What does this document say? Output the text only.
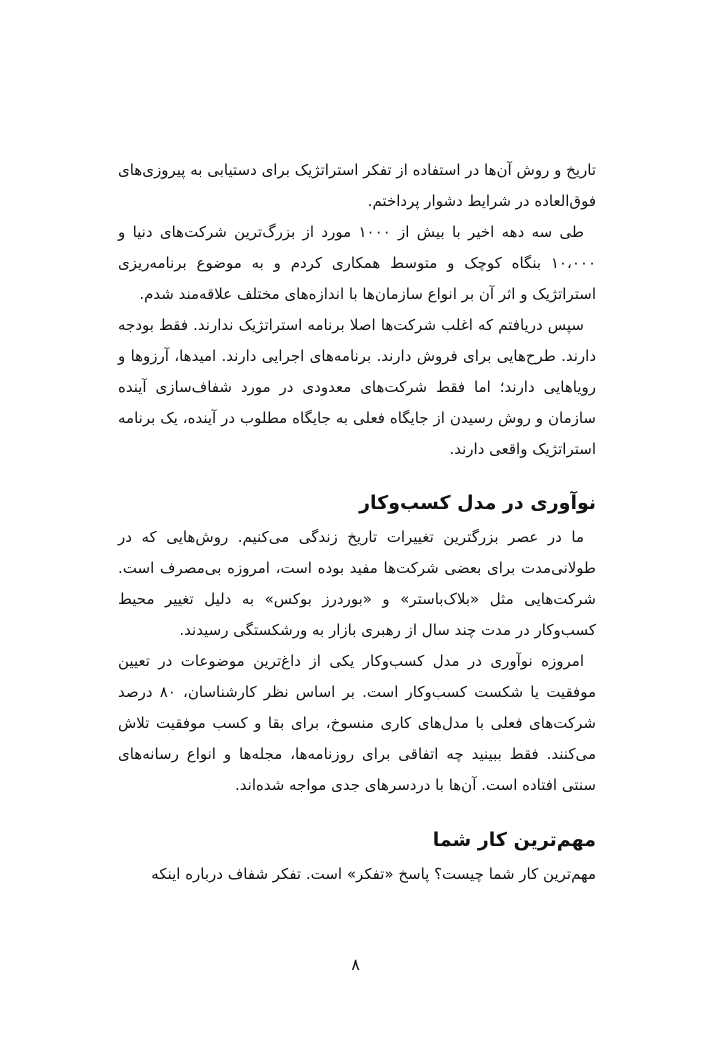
تاریخ و روش آن‌ها در استفاده از تفکر استراتژیک برای دستیابی به پیروزی‌های فوق‌العاده در شرایط دشوار پرداختم.

طی سه دهه اخیر با بیش از ۱۰۰۰ مورد از بزرگ‌ترین شرکت‌های دنیا و ۱۰،۰۰۰ بنگاه کوچک و متوسط همکاری کردم و به موضوع برنامه‌ریزی استراتژیک و اثر آن بر انواع سازمان‌ها با اندازه‌های مختلف علاقه‌مند شدم.

سپس دریافتم که اغلب شرکت‌ها اصلا برنامه استراتژیک ندارند. فقط بودجه دارند. طرح‌هایی برای فروش دارند. برنامه‌های اجرایی دارند. امیدها، آرزوها و رویاهایی دارند؛ اما فقط شرکت‌های معدودی در مورد شفاف‌سازی آینده سازمان و روش رسیدن از جایگاه فعلی به جایگاه مطلوب در آینده، یک برنامه استراتژیک واقعی دارند.

نوآوری در مدل کسب‌وکار

ما در عصر بزرگترین تغییرات تاریخ زندگی می‌کنیم. روش‌هایی که در طولانی‌مدت برای بعضی شرکت‌ها مفید بوده است، امروزه بی‌مصرف است. شرکت‌هایی مثل «بلاک‌باستر» و «بوردرز بوکس» به دلیل تغییر محیط کسب‌وکار در مدت چند سال از رهبری بازار به ورشکستگی رسیدند.

امروزه نوآوری در مدل کسب‌وکار یکی از داغ‌ترین موضوعات در تعیین موفقیت یا شکست کسب‌وکار است. بر اساس نظر کارشناسان، ۸۰ درصد شرکت‌های فعلی با مدل‌های کاری منسوخ، برای بقا و کسب موفقیت تلاش می‌کنند. فقط ببینید چه اتفاقی برای روزنامه‌ها، مجله‌ها و انواع رسانه‌های سنتی افتاده است. آن‌ها با دردسرهای جدی مواجه شده‌اند.

مهم‌ترین کار شما

مهم‌ترین کار شما چیست؟ پاسخ «تفکر» است. تفکر شفاف درباره اینکه

۸
